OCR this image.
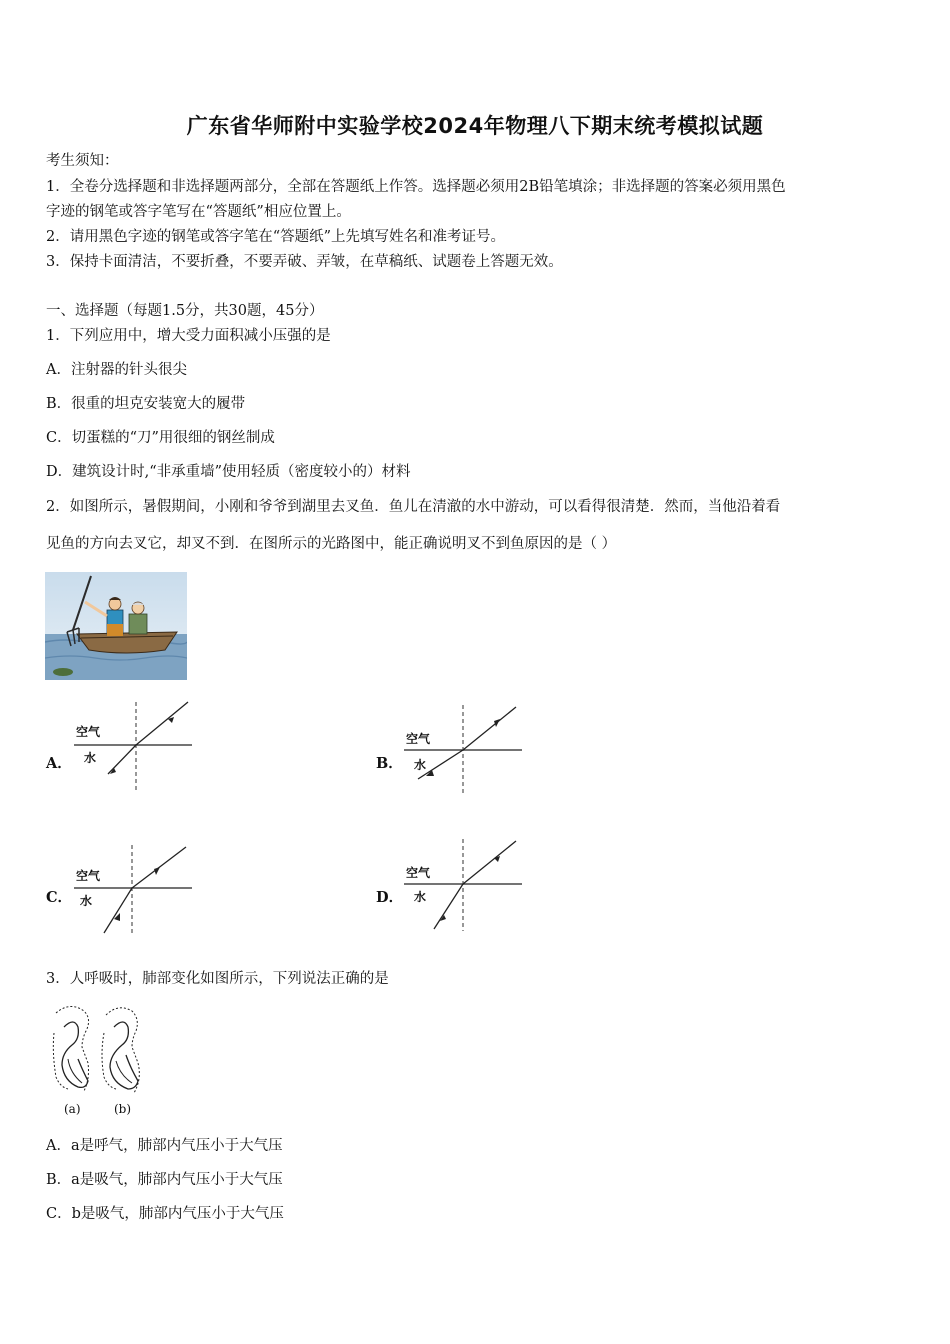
广东省华师附中实验学校2024年物理八下期末统考模拟试题
考生须知：
1．全卷分选择题和非选择题两部分，全部在答题纸上作答。选择题必须用2B铅笔填涂；非选择题的答案必须用黑色
字迹的钢笔或答字笔写在“答题纸”相应位置上。
2．请用黑色字迹的钢笔或答字笔在“答题纸”上先填写姓名和准考证号。
3．保持卡面清洁，不要折叠，不要弄破、弄皱，在草稿纸、试题卷上答题无效。
一、选择题（每题1.5分，共30题，45分）
1．下列应用中，增大受力面积减小压强的是
A．注射器的针头很尖
B．很重的坦克安装宽大的履带
C．切蛋糕的“刀”用很细的钢丝制成
D．建筑设计时,“非承重墙”使用轻质（密度较小的）材料
2．如图所示，暑假期间，小刚和爷爷到湖里去叉鱼．鱼儿在清澈的水中游动，可以看得很清楚．然而，当他沿着看
见鱼的方向去叉它，却叉不到．在图所示的光路图中，能正确说明叉不到鱼原因的是（ ）
A．
空气
水	B．
空气
水
C．
空气
水	D．
空气
水
3．人呼吸时，肺部变化如图所示，下列说法正确的是
(a)	(b)
A．a是呼气，肺部内气压小于大气压
B．a是吸气，肺部内气压小于大气压
C．b是吸气，肺部内气压小于大气压
